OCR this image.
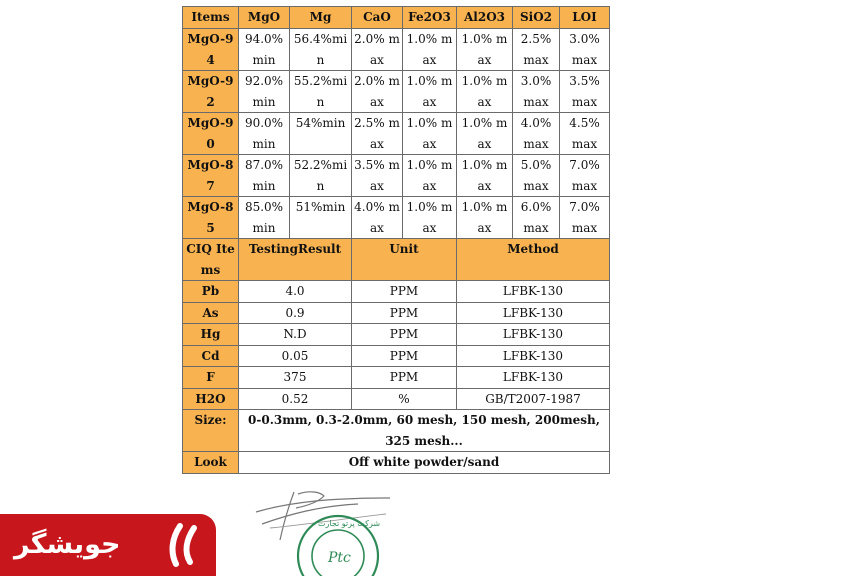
Items	MgO	Mg	CaO	Fe2O3	Al2O3	SiO2	LOI
MgO-94	94.0% min	56.4%min	2.0% max	1.0% max	1.0% max	2.5% max	3.0% max
MgO-92	92.0% min	55.2%min	2.0% max	1.0% max	1.0% max	3.0% max	3.5% max
MgO-90	90.0% min	54%min	2.5% max	1.0% max	1.0% max	4.0% max	4.5% max
MgO-87	87.0% min	52.2%min	3.5% max	1.0% max	1.0% max	5.0% max	7.0% max
MgO-85	85.0% min	51%min	4.0% max	1.0% max	1.0% max	6.0% max	7.0% max
CIQ Items	TestingResult		Unit		Method		
Pb	4.0		PPM		LFBK-130		
As	0.9		PPM		LFBK-130		
Hg	N.D		PPM		LFBK-130		
Cd	0.05		PPM		LFBK-130		
F	375		PPM		LFBK-130		
H2O	0.52		%		GB/T2007-1987		
Size:	0-0.3mm, 0.3-2.0mm, 60 mesh, 150 mesh, 200mesh, 325 mesh...						
Look	Off white powder/sand						
Ptc
شرکت پرتو تجارت
جویشگر
